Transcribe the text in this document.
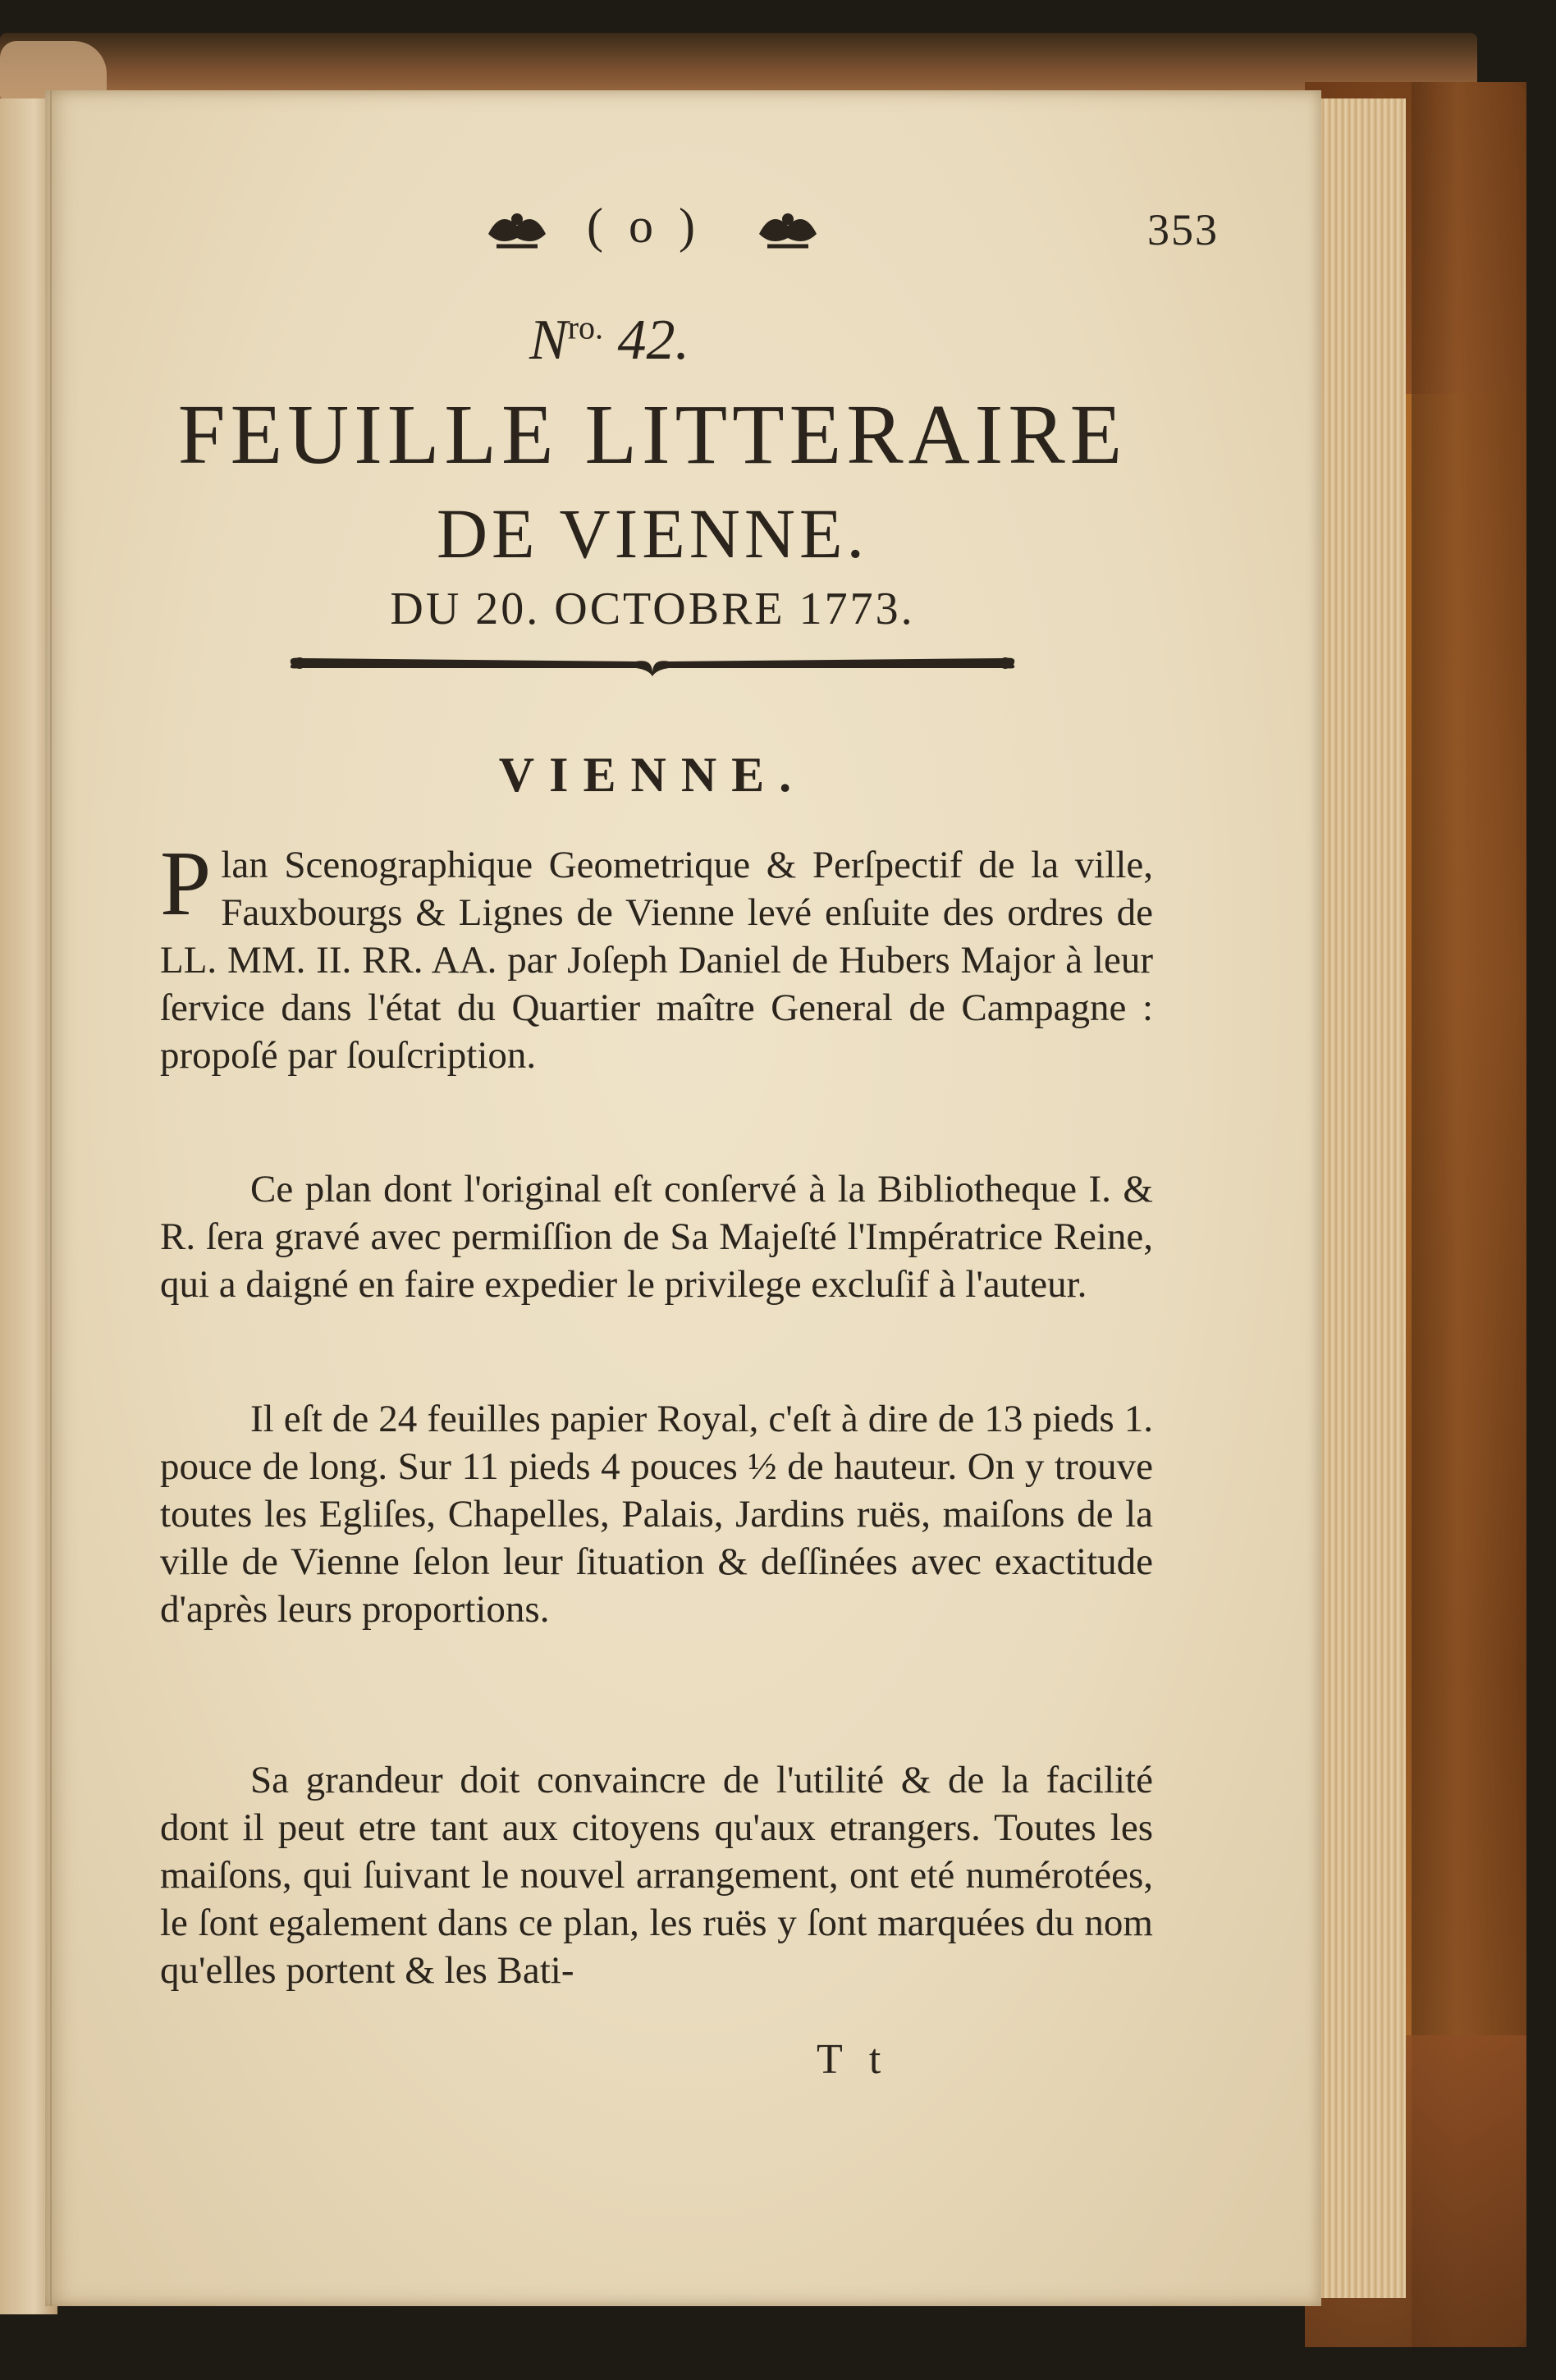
( o )	353
$N^{ro.}$ 42.
FEUILLE LITTERAIRE
DE VIENNE.
DU 20. OCTOBRE 1773.
VIENNE.
Plan Scenographique Geometrique & Perſpectif de la ville, Fauxbourgs & Lignes de Vienne levé enſuite des ordres de LL. MM. II. RR. AA. par Joſeph Daniel de Hubers Major à leur ſervice dans l'état du Quartier maître General de Campagne : propoſé par ſouſcription.
Ce plan dont l'original eſt conſervé à la Bibliotheque I. & R. ſera gravé avec permiſſion de Sa Majeſté l'Impératrice Reine, qui a daigné en faire expedier le privilege excluſif à l'auteur.
Il eſt de 24 feuilles papier Royal, c'eſt à dire de 13 pieds 1. pouce de long. Sur 11 pieds 4 pouces ½ de hauteur. On y trouve toutes les Egliſes, Chapelles, Palais, Jardins ruës, maiſons de la ville de Vienne ſelon leur ſituation & deſſinées avec exactitude d'après leurs proportions.
Sa grandeur doit convaincre de l'utilité & de la facilité dont il peut etre tant aux citoyens qu'aux etrangers. Toutes les maiſons, qui ſuivant le nouvel arrangement, ont eté numérotées, le ſont egalement dans ce plan, les ruës y ſont marquées du nom qu'elles portent & les Bati-
T t
